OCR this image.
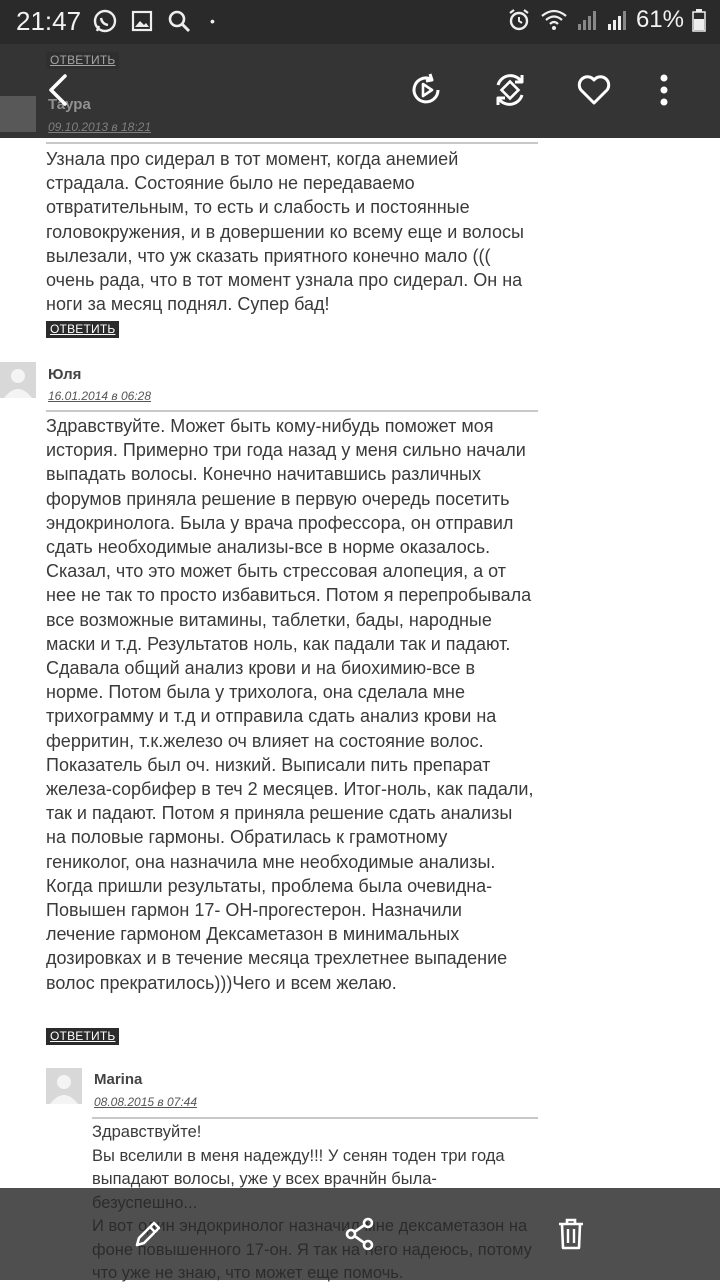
21:47	•	61%
ОТВЕТИТЬ
Таура
09.10.2013 в 18:21
Узнала про сидерал в тот момент, когда анемией страдала. Состояние было не передаваемо отвратительным, то есть и слабость и постоянные головокружения, и в довершении ко всему еще и волосы вылезали, что уж сказать приятного конечно мало ((( очень рада, что в тот момент узнала про сидерал. Он на ноги за месяц поднял. Супер бад!
ОТВЕТИТЬ
Юля
16.01.2014 в 06:28
Здравствуйте. Может быть кому-нибудь поможет моя история. Примерно три года назад у меня сильно начали выпадать волосы. Конечно начитавшись различных форумов приняла решение в первую очередь посетить эндокринолога. Была у врача профессора, он отправил сдать необходимые анализы-все в норме оказалось. Сказал, что это может быть стрессовая алопеция, а от нее не так то просто избавиться. Потом я перепробывала все возможные витамины, таблетки, бады, народные маски и т.д. Результатов ноль, как падали так и падают. Сдавала общий анализ крови и на биохимию-все в норме. Потом была у трихолога, она сделала мне трихограмму и т.д и отправила сдать анализ крови на ферритин, т.к.железо оч влияет на состояние волос. Показатель был оч. низкий. Выписали пить препарат железа-сорбифер в теч 2 месяцев. Итог-ноль, как падали, так и падают. Потом я приняла решение сдать анализы на половые гармоны. Обратилась к грамотному гениколог, она назначила мне необходимые анализы. Когда пришли результаты, проблема была очевидна-Повышен гармон 17- ОН-прогестерон. Назначили лечение гармоном Дексаметазон в минимальных дозировках и в течение месяца трехлетнее выпадение волос прекратилось)))Чего и всем желаю.
ОТВЕТИТЬ
Marina
08.08.2015 в 07:44
Здравствуйте!
Вы вселили в меня надежду!!! У сенян тоден три года выпадают волосы, уже у всех врачнйн была-
